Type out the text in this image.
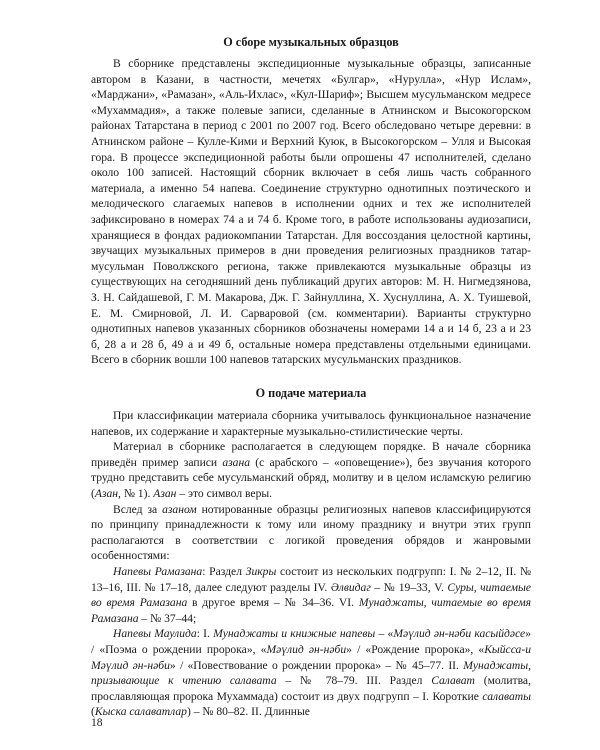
О сборе музыкальных образцов

В сборнике представлены экспедиционные музыкальные образцы, записанные автором в Казани, в частности, мечетях «Булгар», «Нурулла», «Нур Ислам», «Марджани», «Рамазан», «Аль-Ихлас», «Кул-Шариф»; Высшем мусульманском медресе «Мухаммадия», а также полевые записи, сделанные в Атнинском и Высокогорском районах Татарстана в период с 2001 по 2007 год. Всего обследовано четыре деревни: в Атнинском районе – Кулле-Кими и Верхний Куюк, в Высокогорском – Улля и Высокая гора. В процессе экспедиционной работы были опрошены 47 исполнителей, сделано около 100 записей. Настоящий сборник включает в себя лишь часть собранного материала, а именно 54 напева. Соединение структурно однотипных поэтического и мелодического слагаемых напевов в исполнении одних и тех же исполнителей зафиксировано в номерах 74 а и 74 б. Кроме того, в работе использованы аудиозаписи, хранящиеся в фондах радиокомпании Татарстан. Для воссоздания целостной картины, звучащих музыкальных примеров в дни проведения религиозных праздников татар-мусульман Поволжского региона, также привлекаются музыкальные образцы из существующих на сегодняшний день публикаций других авторов: М. Н. Нигмедзянова, З. Н. Сайдашевой, Г. М. Макарова, Дж. Г. Зайнуллина, Х. Хуснуллина, А. Х. Туишевой, Е. М. Смирновой, Л. И. Сарваровой (см. комментарии). Варианты структурно однотипных напевов указанных сборников обозначены номерами 14 а и 14 б, 23 а и 23 б, 28 а и 28 б, 49 а и 49 б, остальные номера представлены отдельными единицами. Всего в сборник вошли 100 напевов татарских мусульманских праздников.

О подаче материала

При классификации материала сборника учитывалось функциональное назначение напевов, их содержание и характерные музыкально-стилистические черты.

Материал в сборнике располагается в следующем порядке. В начале сборника приведён пример записи азана (с арабского – «оповещение»), без звучания которого трудно представить себе мусульманский обряд, молитву и в целом исламскую религию (Азан, № 1). Азан – это символ веры.

Вслед за азаном нотированные образцы религиозных напевов классифицируются по принципу принадлежности к тому или иному празднику и внутри этих групп располагаются в соответствии с логикой проведения обрядов и жанровыми особенностями:

Напевы Рамазана: Раздел Зикры состоит из нескольких подгрупп: I. № 2–12, II. № 13–16, III. № 17–18, далее следуют разделы IV. Әлвидаг – № 19–33, V. Суры, читаемые во время Рамазана в другое время – № 34–36. VI. Мунаджаты, читаемые во время Рамазана – № 37–44;

Напевы Маулида: I. Мунаджаты и книжные напевы – «Мәүлид ән-нәби касыйдәсе» / «Поэма о рождении пророка», «Мәүлид ән-нәби» / «Рождение пророка», «Кыйсса-и Мәүлид ән-нәби» / «Повествование о рождении пророка» – № 45–77. II. Мунаджаты, призывающие к чтению салавата – № 78–79. III. Раздел Салават (молитва, прославляющая пророка Мухаммада) состоит из двух подгрупп – I. Короткие салаваты (Кыска салаватлар) – № 80–82. II. Длинные

18
